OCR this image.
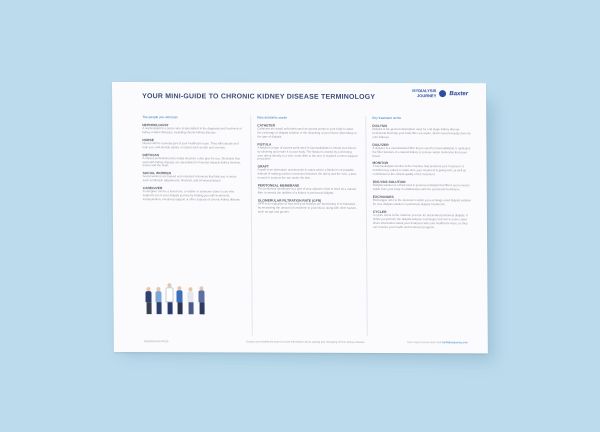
YOUR MINI-GUIDE TO CHRONIC KIDNEY DISEASE TERMINOLOGY
MYDIALYSIS
JOURNEY Baxter
The people you will meet
NEPHROLOGIST
A nephrologist is a doctor who is specialised in the diagnosis and treatment of kidney related diseases, including chronic kidney disease.
NURSE
Nurses will be a pivotal part of your healthcare team. They will educate and train you, and provide advice on topics such as diet and exercise.
DIETICIAN
A trained professional who helps structure a diet plan for you. Dieticians that work with kidney disease are specialised in how diet impacts kidney function, bones and the heart.
SOCIAL WORKER
Social workers are trained and educated resources that help you in areas such as lifestyle adjustments, financial, and emotional issues.
CAREGIVER
A caregiver can be a loved one, a relative or someone close to you who supports you in your dialysis journey by helping you with treatments, transportation, emotional support or other aspects of chronic kidney disease.
Raw anatomic words
CATHETER
Catheters are small, soft tubes used as access points to your body to allow the exchange of dialysis solution or the cleansing of your blood, depending on the type of dialysis.
FISTULA
A fistula is a type of access point used in haemodialysis to extract your blood by cleaning and return it to your body. The fistula is created by connecting your artery directly to a vein, most often in the arm. It requires a minor surgical procedure.
GRAFT
A graft is an alternative access point in cases where a fistula is not possible. Instead of making a direct connection between the artery and the vein, a tube is used to connect the two under the skin.
PERITONEAL MEMBRANE
The peritoneal membrane is a part of your abdomen that is used as a natural filter to mimick the abilities of a kidney in peritoneal dialysis.
GLOMERULAR FILTRATION RATE (GFR)
GFR is an indication of how well your kidneys are functioning. It is estimated by measuring the amount of creatinine in your blood, along with other factors, such as age and gender.
Key treatment terms
DIALYSIS
Dialysis is the general description used for end stage kidney disease treatments that help your body filter out waste, which was previously done by your kidneys.
DIALYZER
A dialyzer is a manufactured filter that is used for haemodialysis. It replicates the filter function of a natural kidney to remove waste molecules from your blood.
MONITOR
A haemodialysis monitor is the machine that performs your treatment. It monitors key values to make sure your treatment is going well, as well as contributes to the clinical quality of the treatment.
DIALYSIS SOLUTION
Dialysis solution is a fluid used in peritoneal dialysis that filters and removes waste from your body in collaboration with the peritoneal membrane.
EXCHANGES
Exchanges refer to the process in which you exchange used dialysis solution for new dialysis solution in peritoneal dialysis treatments.
CYCLER
A cycler refers to the machine you use for automated peritoneal dialysis. It helps you perform the dialysis solution exchanges and can in some cases share information about your treatment with your healthcare team, so they can monitor your health and treatment progress.
GLB/MG59/18-0002b	Contact your healthcare team for more information about starting and managing chronic kidney disease.	If you want to know more visit mydialysisjourney.com
